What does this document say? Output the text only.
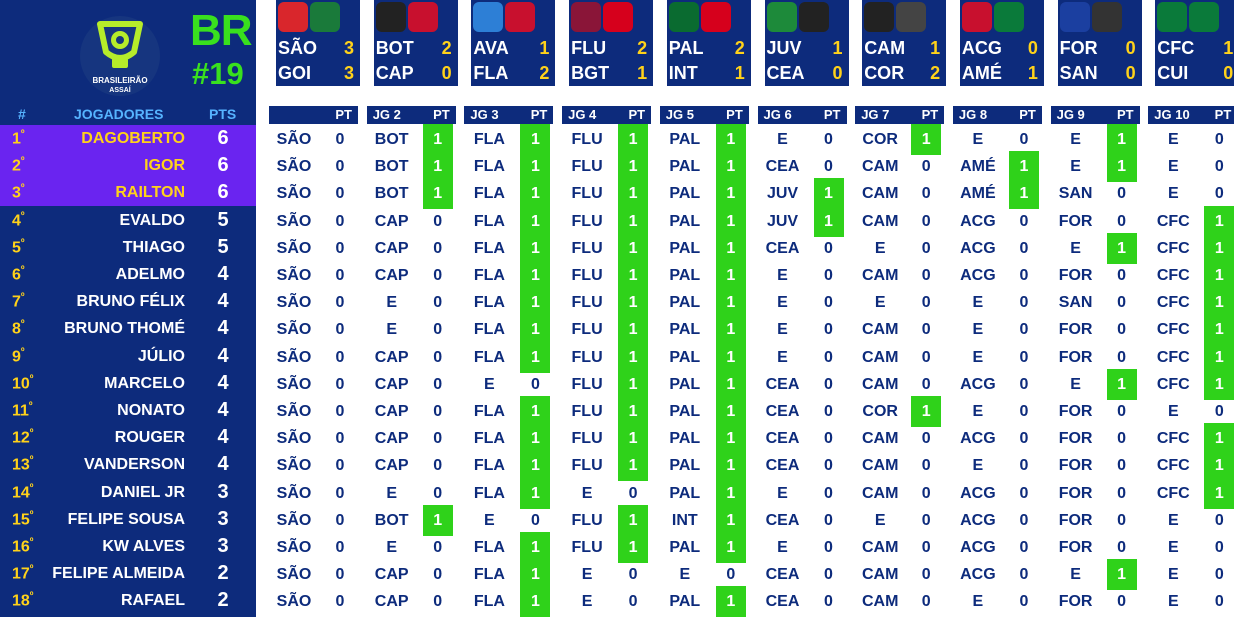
BRASILEIRÃO
ASSAÍ
BR
#19
#	JOGADORES	PTS
$1^º$	DAGOBERTO 6
$2^º$	IGOR 6
$3^º$	RAILTON 6
$4^º$	EVALDO 5
$5^º$	THIAGO 5
$6^º$	ADELMO 4
$7^º$	BRUNO FÉLIX 4
$8^º$ BRUNO THOMÉ 4
$9^º$	JÚLIO 4
$10^º$	MARCELO 4
$11^º$	NONATO 4
$12^º$	ROUGER 4
$13^º$	VANDERSON 4
$14^º$	DANIEL JR 3
$15^º$ FELIPE SOUSA 3
$16^º$	KW ALVES 3
$17^º$ FELIPE ALMEIDA 2
$18^º$	RAFAEL 2
SÃO 3
GOI 3
BOT 2
CAP 0
AVA 1
FLA 2
FLU 2
BGT 1
PAL 2
INT 1
JUV 1
CEA 0
CAM 1
COR 2
ACG 0
AMÉ 1
FOR 0
SAN 0
CFC 1
CUI 0
PT JG 2 PT JG 3 PT JG 4 PT JG 5 PT JG 6 PT JG 7 PT JG 8 PT JG 9 PT JG 10 PT
SÃO	0	BOT	1	FLA	1	FLU	1	PAL	1	E	0	COR	1	E	0	E	1	E	0
SÃO	0	BOT	1	FLA	1	FLU	1	PAL	1	CEA	0	CAM	0	AMÉ	1	E	1	E	0
SÃO	0	BOT	1	FLA	1	FLU	1	PAL	1	JUV	1	CAM	0	AMÉ	1	SAN	0	E	0
SÃO	0	CAP	0	FLA	1	FLU	1	PAL	1	JUV	1	CAM	0	ACG	0	FOR	0	CFC	1
SÃO	0	CAP	0	FLA	1	FLU	1	PAL	1	CEA	0	E	0	ACG	0	E	1	CFC	1
SÃO	0	CAP	0	FLA	1	FLU	1	PAL	1	E	0	CAM	0	ACG	0	FOR	0	CFC	1
SÃO	0	E	0	FLA	1	FLU	1	PAL	1	E	0	E	0	E	0	SAN	0	CFC	1
SÃO	0	E	0	FLA	1	FLU	1	PAL	1	E	0	CAM	0	E	0	FOR	0	CFC	1
SÃO	0	CAP	0	FLA	1	FLU	1	PAL	1	E	0	CAM	0	E	0	FOR	0	CFC	1
SÃO	0	CAP	0	E	0	FLU	1	PAL	1	CEA	0	CAM	0	ACG	0	E	1	CFC	1
SÃO	0	CAP	0	FLA	1	FLU	1	PAL	1	CEA	0	COR	1	E	0	FOR	0	E	0
SÃO	0	CAP	0	FLA	1	FLU	1	PAL	1	CEA	0	CAM	0	ACG	0	FOR	0	CFC	1
SÃO	0	CAP	0	FLA	1	FLU	1	PAL	1	CEA	0	CAM	0	E	0	FOR	0	CFC	1
SÃO	0	E	0	FLA	1	E	0	PAL	1	E	0	CAM	0	ACG	0	FOR	0	CFC	1
SÃO	0	BOT	1	E	0	FLU	1	INT	1	CEA	0	E	0	ACG	0	FOR	0	E	0
SÃO	0	E	0	FLA	1	FLU	1	PAL	1	E	0	CAM	0	ACG	0	FOR	0	E	0
SÃO	0	CAP	0	FLA	1	E	0	E	0	CEA	0	CAM	0	ACG	0	E	1	E	0
SÃO	0	CAP	0	FLA	1	E	0	PAL	1	CEA	0	CAM	0	E	0	FOR	0	E	0
